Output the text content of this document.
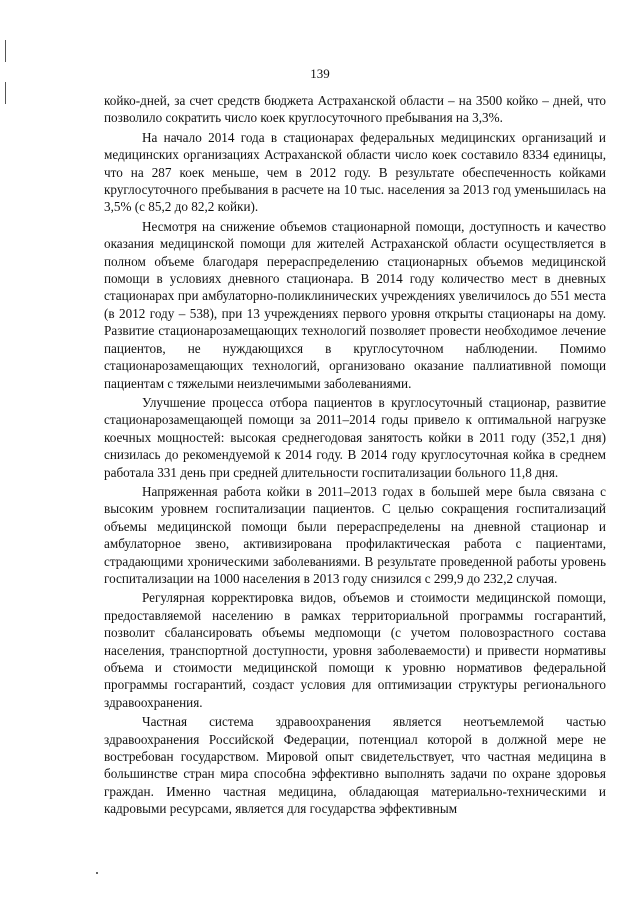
139

койко-дней, за счет средств бюджета Астраханской области – на 3500 койко – дней, что позволило сократить число коек круглосуточного пребывания на 3,3%.

На начало 2014 года в стационарах федеральных медицинских организаций и медицинских организациях Астраханской области число коек составило 8334 единицы, что на 287 коек меньше, чем в 2012 году. В результате обеспеченность койками круглосуточного пребывания в расчете на 10 тыс. населения за 2013 год уменьшилась на 3,5% (с 85,2 до 82,2 койки).

Несмотря на снижение объемов стационарной помощи, доступность и качество оказания медицинской помощи для жителей Астраханской области осуществляется в полном объеме благодаря перераспределению стационарных объемов медицинской помощи в условиях дневного стационара. В 2014 году количество мест в дневных стационарах при амбулаторно-поликлинических учреждениях увеличилось до 551 места (в 2012 году – 538), при 13 учреждениях первого уровня открыты стационары на дому. Развитие стационарозамещающих технологий позволяет провести необходимое лечение пациентов, не нуждающихся в круглосуточном наблюдении. Помимо стационарозамещающих технологий, организовано оказание паллиативной помощи пациентам с тяжелыми неизлечимыми заболеваниями.

Улучшение процесса отбора пациентов в круглосуточный стационар, развитие стационарозамещающей помощи за 2011–2014 годы привело к оптимальной нагрузке коечных мощностей: высокая среднегодовая занятость койки в 2011 году (352,1 дня) снизилась до рекомендуемой к 2014 году. В 2014 году круглосуточная койка в среднем работала 331 день при средней длительности госпитализации больного 11,8 дня.

Напряженная работа койки в 2011–2013 годах в большей мере была связана с высоким уровнем госпитализации пациентов. С целью сокращения госпитализаций объемы медицинской помощи были перераспределены на дневной стационар и амбулаторное звено, активизирована профилактическая работа с пациентами, страдающими хроническими заболеваниями. В результате проведенной работы уровень госпитализации на 1000 населения в 2013 году снизился с 299,9 до 232,2 случая.

Регулярная корректировка видов, объемов и стоимости медицинской помощи, предоставляемой населению в рамках территориальной программы госгарантий, позволит сбалансировать объемы медпомощи (с учетом половозрастного состава населения, транспортной доступности, уровня заболеваемости) и привести нормативы объема и стоимости медицинской помощи к уровню нормативов федеральной программы госгарантий, создаст условия для оптимизации структуры регионального здравоохранения.

Частная система здравоохранения является неотъемлемой частью здравоохранения Российской Федерации, потенциал которой в должной мере не востребован государством. Мировой опыт свидетельствует, что частная медицина в большинстве стран мира способна эффективно выполнять задачи по охране здоровья граждан. Именно частная медицина, обладающая материально-техническими и кадровыми ресурсами, является для государства эффективным
